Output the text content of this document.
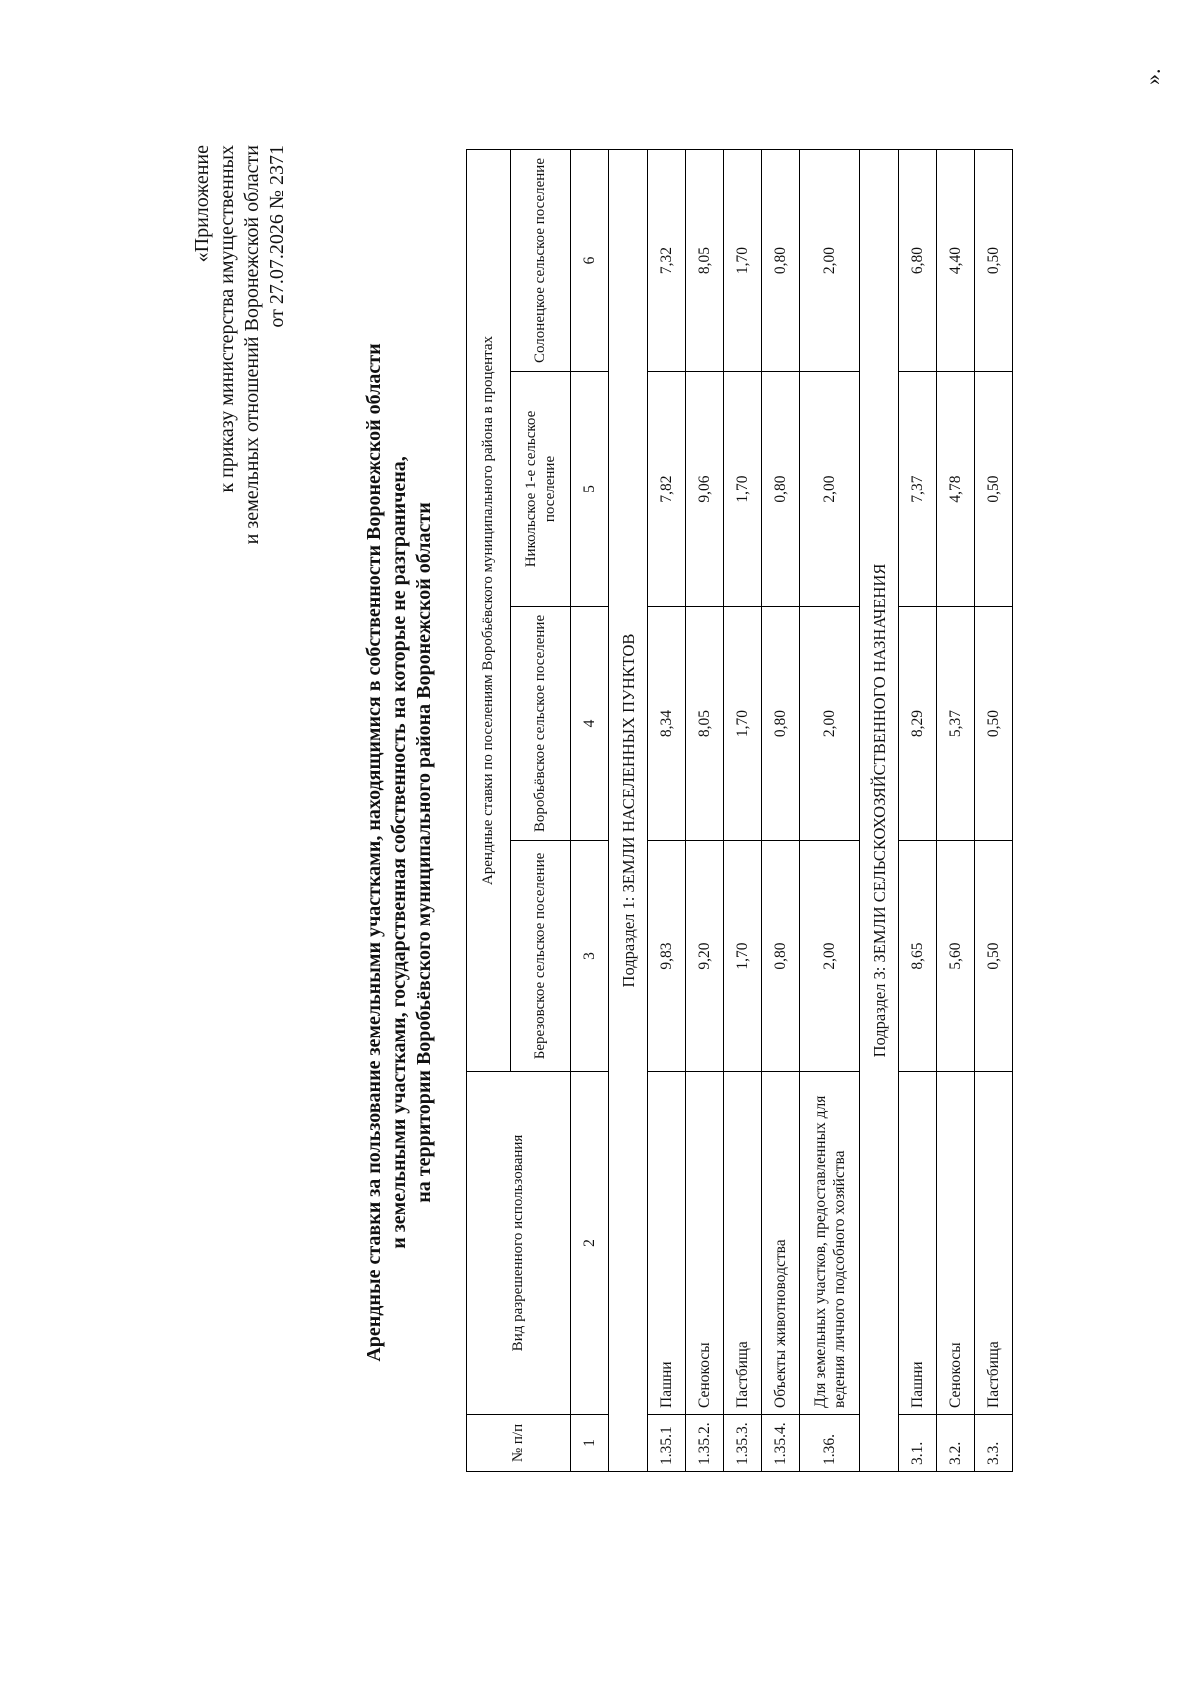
«Приложение к приказу министерства имущественных и земельных отношений Воронежской области от 27.07.2026 № 2371
Арендные ставки за пользование земельными участками, находящимися в собственности Воронежской области и земельными участками, государственная собственность на которые не разграничена, на территории Воробьёвского муниципального района Воронежской области
№ п/п	Вид разрешенного использования	Арендные ставки по поселениям Воробьёвского муниципального района в процентах			
		Березовское сельское поселение	Воробьёвское сельское поселение	Никольское 1-е сельское поселение	Солонецкое сельское поселение
1	2	3	4	5	6
Подраздел 1: ЗЕМЛИ НАСЕЛЕННЫХ ПУНКТОВ					
1.35.1	Пашни	9,83	8,34	7,82	7,32
1.35.2.	Сенокосы	9,20	8,05	9,06	8,05
1.35.3.	Пастбища	1,70	1,70	1,70	1,70
1.35.4.	Объекты животноводства	0,80	0,80	0,80	0,80
1.36.	Для земельных участков, предоставленных для ведения личного подсобного хозяйства	2,00	2,00	2,00	2,00
Подраздел 3: ЗЕМЛИ СЕЛЬСКОХОЗЯЙСТВЕННОГО НАЗНАЧЕНИЯ					
3.1.	Пашни	8,65	8,29	7,37	6,80
3.2.	Сенокосы	5,60	5,37	4,78	4,40
3.3.	Пастбища	0,50	0,50	0,50	0,50
».
